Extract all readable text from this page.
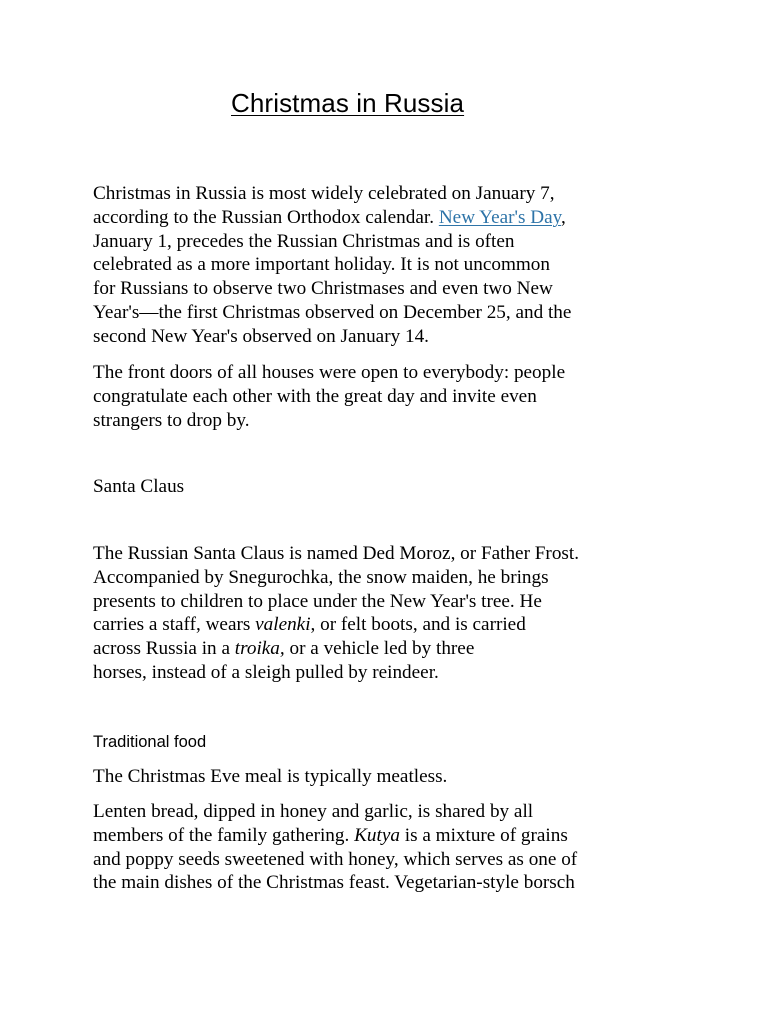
Christmas in Russia

Christmas in Russia is most widely celebrated on January 7,
according to the Russian Orthodox calendar. New Year's Day,
January 1, precedes the Russian Christmas and is often
celebrated as a more important holiday. It is not uncommon
for Russians to observe two Christmases and even two New
Year's—the first Christmas observed on December 25, and the
second New Year's observed on January 14.

The front doors of all houses were open to everybody: people
congratulate each other with the great day and invite even
strangers to drop by.

Santa Claus

The Russian Santa Claus is named Ded Moroz, or Father Frost.
Accompanied by Snegurochka, the snow maiden, he brings
presents to children to place under the New Year's tree. He
carries a staff, wears valenki, or felt boots, and is carried
across Russia in a troika, or a vehicle led by three
horses, instead of a sleigh pulled by reindeer.

Traditional food

The Christmas Eve meal is typically meatless.

Lenten bread, dipped in honey and garlic, is shared by all
members of the family gathering. Kutya is a mixture of grains
and poppy seeds sweetened with honey, which serves as one of
the main dishes of the Christmas feast. Vegetarian-style borsch
